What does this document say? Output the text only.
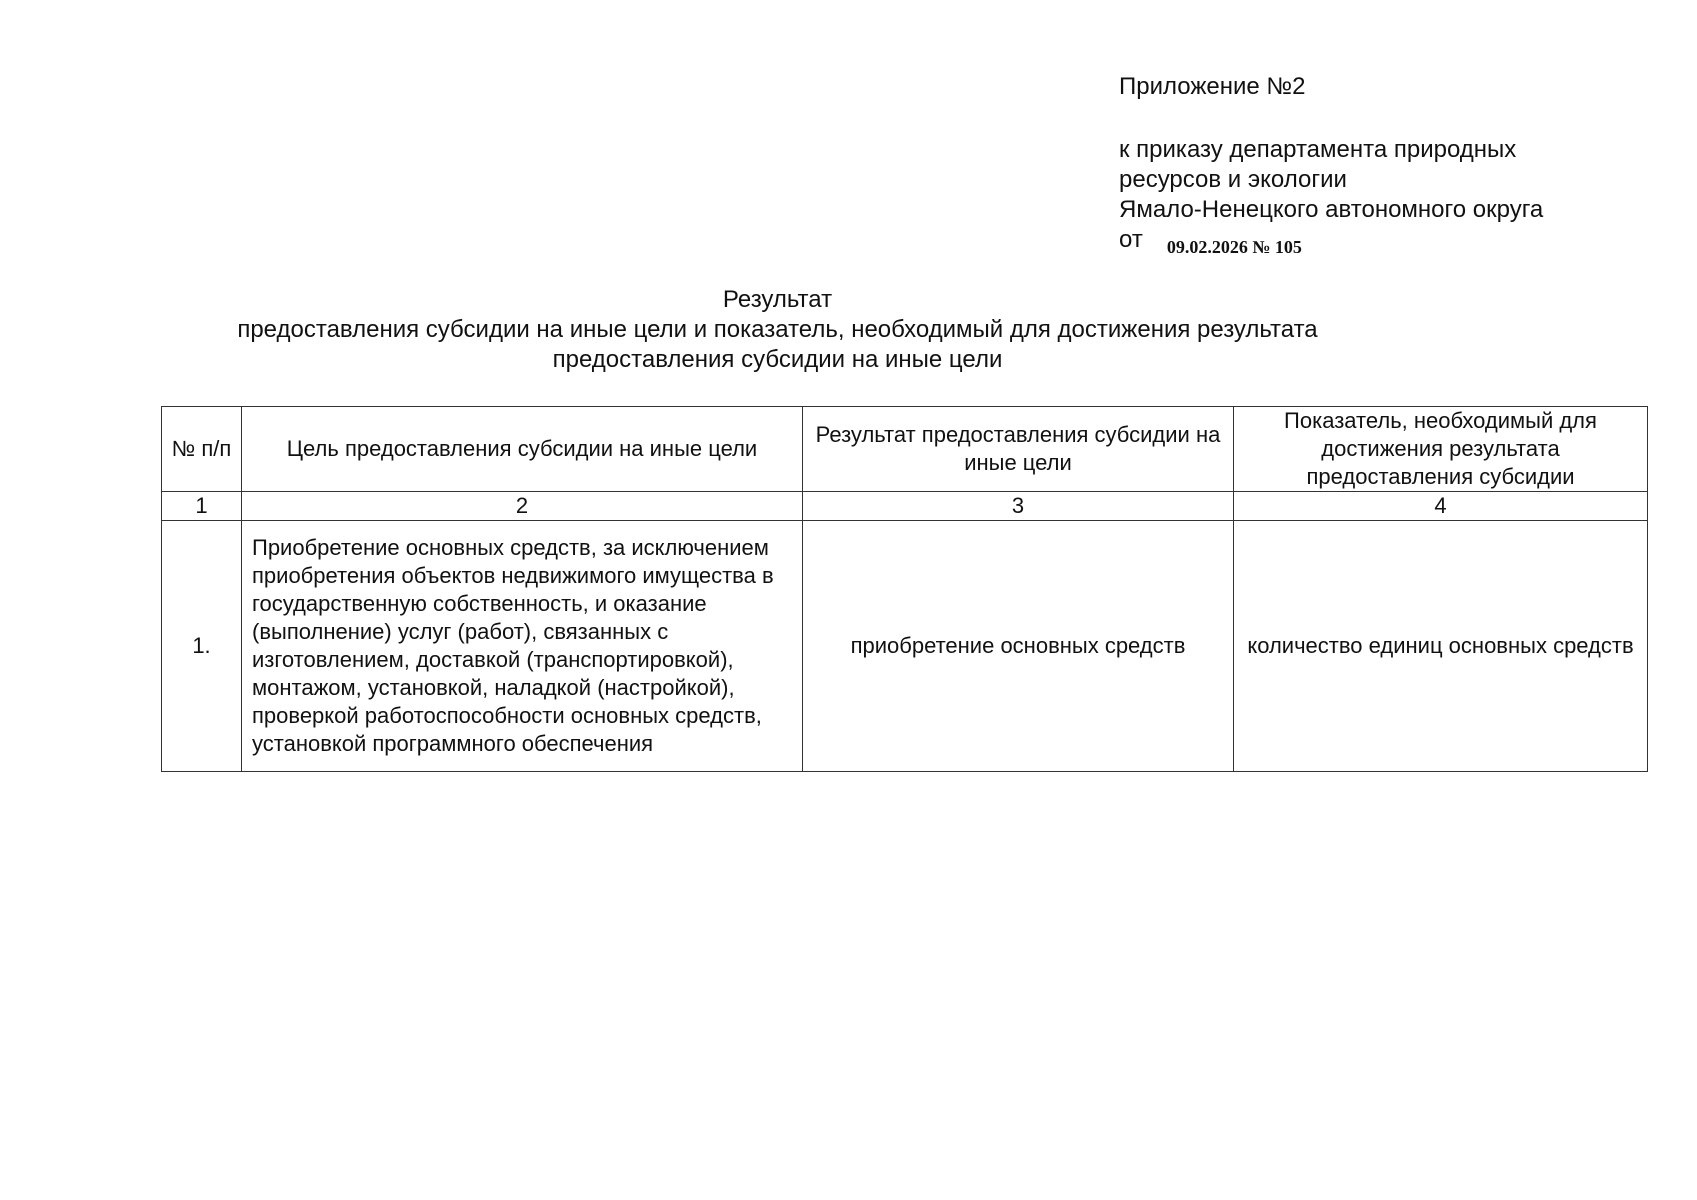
Приложение №2
к приказу департамента природных
ресурсов и экологии
Ямало-Ненецкого автономного округа
от 09.02.2026 № 105
Результат
предоставления субсидии на иные цели и показатель, необходимый для достижения результата
предоставления субсидии на иные цели
№ п/п	Цель предоставления субсидии на иные цели	Результат предоставления субсидии на иные цели	Показатель, необходимый для достижения результата предоставления субсидии
1	2	3	4
1.	Приобретение основных средств, за исключением приобретения объектов недвижимого имущества в государственную собственность, и оказание (выполнение) услуг (работ), связанных с изготовлением, доставкой (транспортировкой), монтажом, установкой, наладкой (настройкой), проверкой работоспособности основных средств, установкой программного обеспечения	приобретение основных средств	количество единиц основных средств
